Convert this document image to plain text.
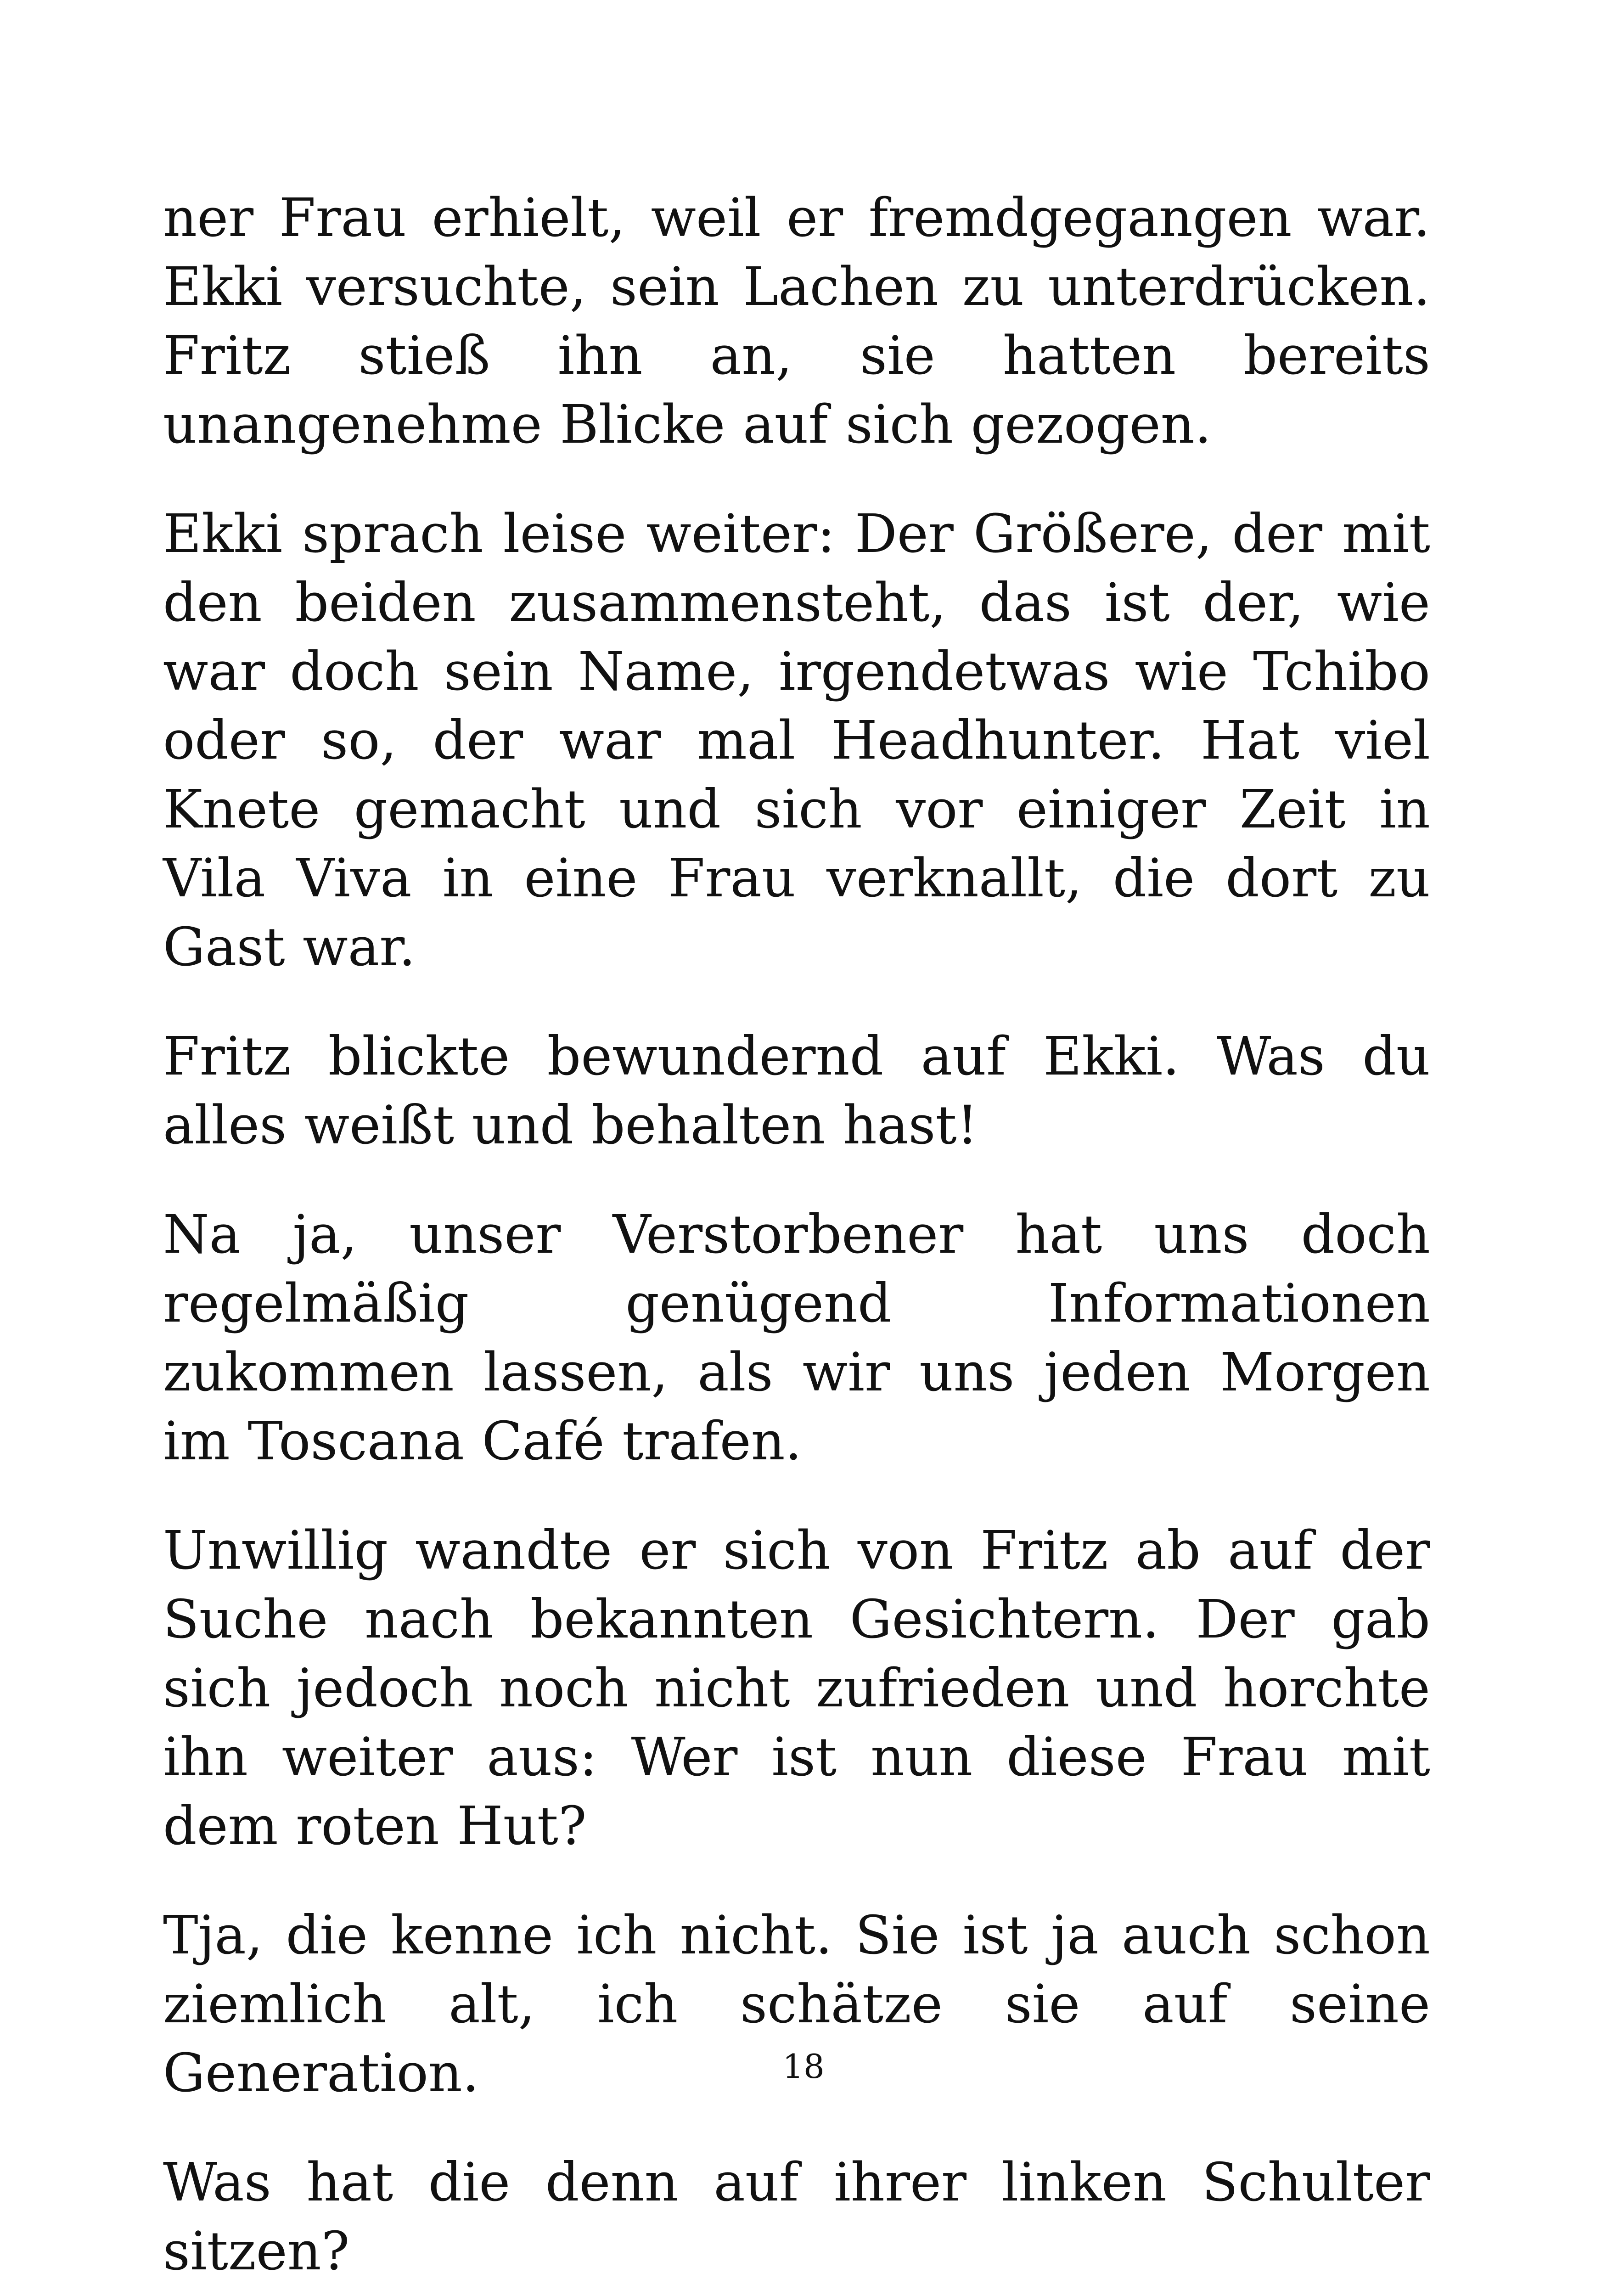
ner Frau erhielt, weil er fremdgegangen war. Ekki versuchte, sein Lachen zu unterdrücken. Fritz stieß ihn an, sie hatten bereits unangenehme Blicke auf sich gezogen.

Ekki sprach leise weiter: Der Größere, der mit den beiden zusammensteht, das ist der, wie war doch sein Name, irgendetwas wie Tchibo oder so, der war mal Headhunter. Hat viel Knete gemacht und sich vor einiger Zeit in Vila Viva in eine Frau verknallt, die dort zu Gast war.

Fritz blickte bewundernd auf Ekki. Was du alles weißt und behalten hast!

Na ja, unser Verstorbener hat uns doch regelmäßig genügend Informationen zukommen lassen, als wir uns jeden Morgen im Toscana Café trafen.

Unwillig wandte er sich von Fritz ab auf der Suche nach bekannten Gesichtern. Der gab sich jedoch noch nicht zufrieden und horchte ihn weiter aus: Wer ist nun diese Frau mit dem roten Hut?

Tja, die kenne ich nicht. Sie ist ja auch schon ziemlich alt, ich schätze sie auf seine Generation.

Was hat die denn auf ihrer linken Schulter sitzen?

18
